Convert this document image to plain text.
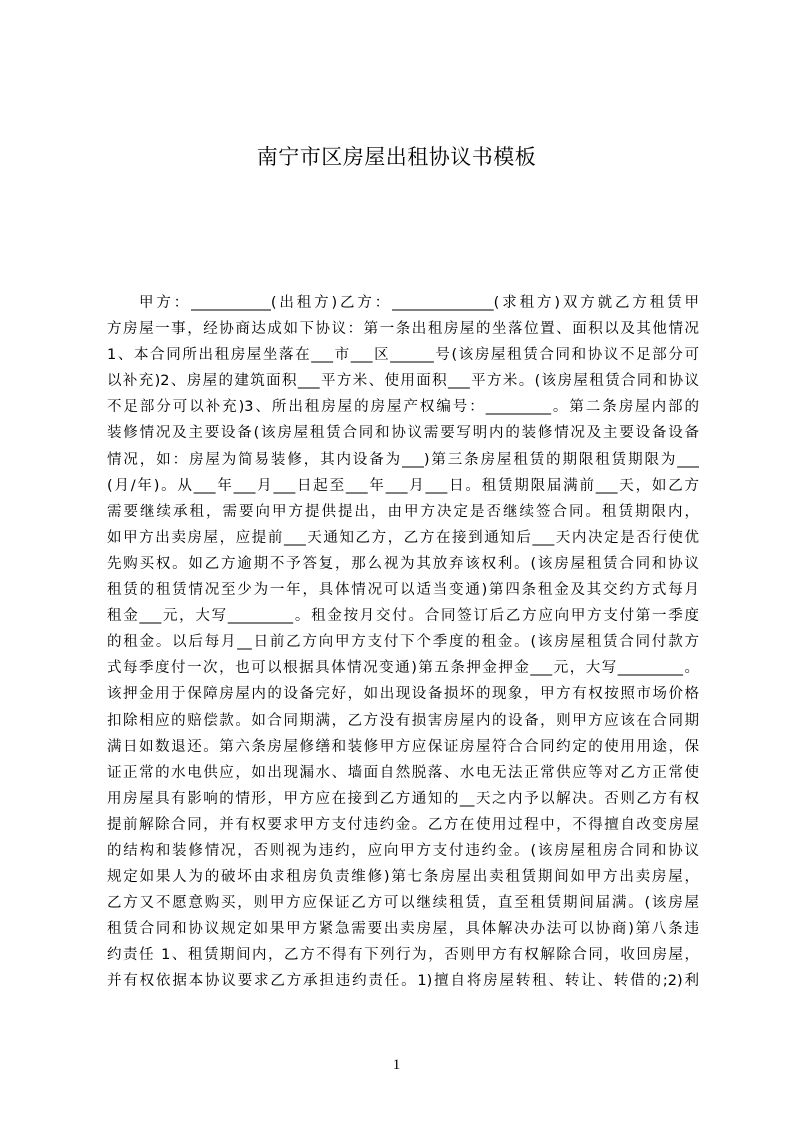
南宁市区房屋出租协议书模板
甲方：___________(出租方)乙方：______________(求租方)双方就乙方租赁甲
方房屋一事，经协商达成如下协议：第一条出租房屋的坐落位置、面积以及其他情况
1、本合同所出租房屋坐落在___市___区______号(该房屋租赁合同和协议不足部分可
以补充)2、房屋的建筑面积___平方米、使用面积___平方米。(该房屋租赁合同和协议
不足部分可以补充)3、所出租房屋的房屋产权编号：_________。第二条房屋内部的
装修情况及主要设备(该房屋租赁合同和协议需要写明内的装修情况及主要设备设备
情况，如：房屋为简易装修，其内设备为___)第三条房屋租赁的期限租赁期限为___
(月/年)。从___年___月___日起至___年___月___日。租赁期限届满前___天，如乙方
需要继续承租，需要向甲方提供提出，由甲方决定是否继续签合同。租赁期限内，
如甲方出卖房屋，应提前___天通知乙方，乙方在接到通知后___天内决定是否行使优
先购买权。如乙方逾期不予答复，那么视为其放弃该权利。(该房屋租赁合同和协议
租赁的租赁情况至少为一年，具体情况可以适当变通)第四条租金及其交约方式每月
租金___元，大写_________。租金按月交付。合同签订后乙方应向甲方支付第一季度
的租金。以后每月__日前乙方向甲方支付下个季度的租金。(该房屋租赁合同付款方
式每季度付一次，也可以根据具体情况变通)第五条押金押金___元，大写_________。
该押金用于保障房屋内的设备完好，如出现设备损坏的现象，甲方有权按照市场价格
扣除相应的赔偿款。如合同期满，乙方没有损害房屋内的设备，则甲方应该在合同期
满日如数退还。第六条房屋修缮和装修甲方应保证房屋符合合同约定的使用用途，保
证正常的水电供应，如出现漏水、墙面自然脱落、水电无法正常供应等对乙方正常使
用房屋具有影响的情形，甲方应在接到乙方通知的__天之内予以解决。否则乙方有权
提前解除合同，并有权要求甲方支付违约金。乙方在使用过程中，不得擅自改变房屋
的结构和装修情况，否则视为违约，应向甲方支付违约金。(该房屋租房合同和协议
规定如果人为的破坏由求租房负责维修)第七条房屋出卖租赁期间如甲方出卖房屋，
乙方又不愿意购买，则甲方应保证乙方可以继续租赁，直至租赁期间届满。(该房屋
租赁合同和协议规定如果甲方紧急需要出卖房屋，具体解决办法可以协商)第八条违
约责任 1、租赁期间内，乙方不得有下列行为，否则甲方有权解除合同，收回房屋，
并有权依据本协议要求乙方承担违约责任。1)擅自将房屋转租、转让、转借的;2)利
1
